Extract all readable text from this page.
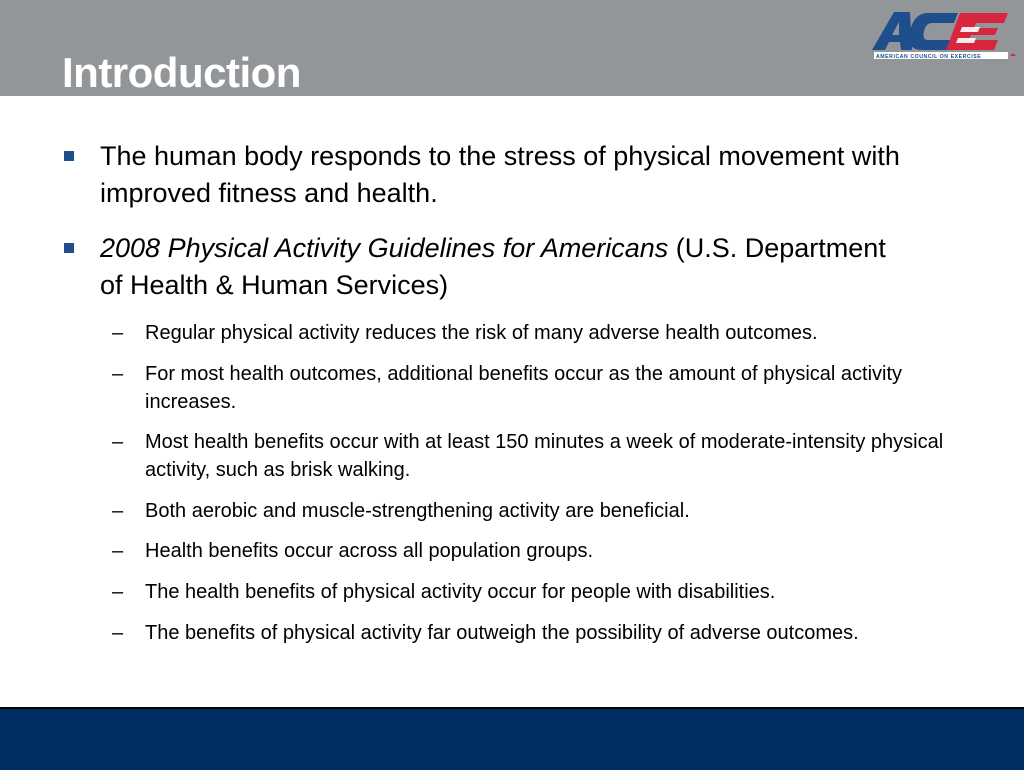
Introduction	AMERICAN COUNCIL ON EXERCISE
The human body responds to the stress of physical movement with improved fitness and health.
2008 Physical Activity Guidelines for Americans (U.S. Department of Health & Human Services)
– Regular physical activity reduces the risk of many adverse health outcomes.
– For most health outcomes, additional benefits occur as the amount of physical activity increases.
– Most health benefits occur with at least 150 minutes a week of moderate-intensity physical activity, such as brisk walking.
– Both aerobic and muscle-strengthening activity are beneficial.
– Health benefits occur across all population groups.
– The health benefits of physical activity occur for people with disabilities.
– The benefits of physical activity far outweigh the possibility of adverse outcomes.
